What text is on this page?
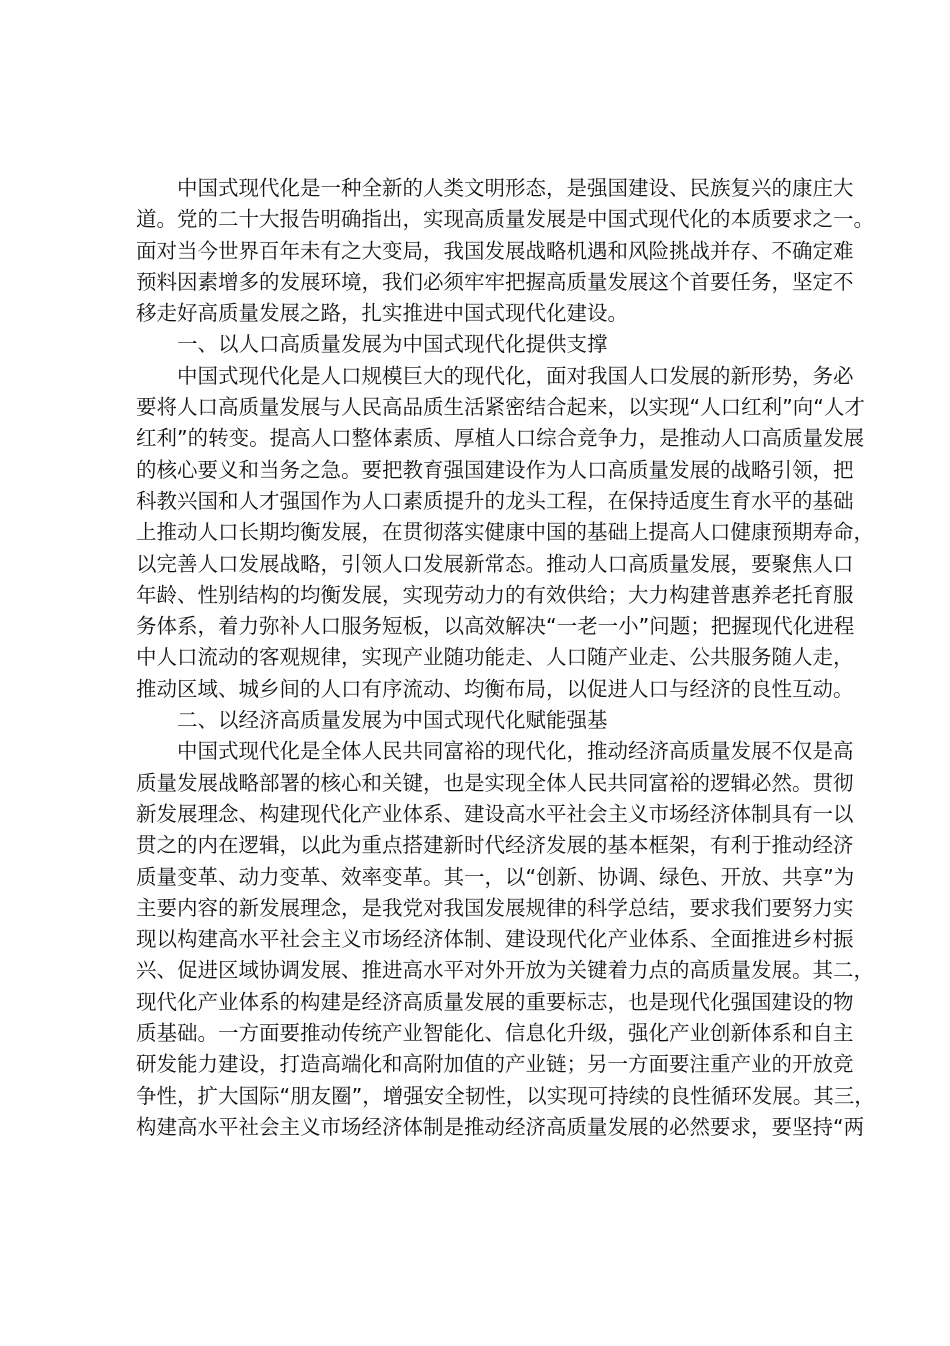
中国式现代化是一种全新的人类文明形态，是强国建设、民族复兴的康庄大
道。党的二十大报告明确指出，实现高质量发展是中国式现代化的本质要求之一。
面对当今世界百年未有之大变局，我国发展战略机遇和风险挑战并存、不确定难
预料因素增多的发展环境，我们必须牢牢把握高质量发展这个首要任务，坚定不
移走好高质量发展之路，扎实推进中国式现代化建设。
一、以人口高质量发展为中国式现代化提供支撑
中国式现代化是人口规模巨大的现代化，面对我国人口发展的新形势，务必
要将人口高质量发展与人民高品质生活紧密结合起来，以实现“人口红利”向“人才
红利”的转变。提高人口整体素质、厚植人口综合竞争力，是推动人口高质量发展
的核心要义和当务之急。要把教育强国建设作为人口高质量发展的战略引领，把
科教兴国和人才强国作为人口素质提升的龙头工程，在保持适度生育水平的基础
上推动人口长期均衡发展，在贯彻落实健康中国的基础上提高人口健康预期寿命，
以完善人口发展战略，引领人口发展新常态。推动人口高质量发展，要聚焦人口
年龄、性别结构的均衡发展，实现劳动力的有效供给；大力构建普惠养老托育服
务体系，着力弥补人口服务短板，以高效解决“一老一小”问题；把握现代化进程
中人口流动的客观规律，实现产业随功能走、人口随产业走、公共服务随人走，
推动区域、城乡间的人口有序流动、均衡布局，以促进人口与经济的良性互动。
二、以经济高质量发展为中国式现代化赋能强基
中国式现代化是全体人民共同富裕的现代化，推动经济高质量发展不仅是高
质量发展战略部署的核心和关键，也是实现全体人民共同富裕的逻辑必然。贯彻
新发展理念、构建现代化产业体系、建设高水平社会主义市场经济体制具有一以
贯之的内在逻辑，以此为重点搭建新时代经济发展的基本框架，有利于推动经济
质量变革、动力变革、效率变革。其一，以“创新、协调、绿色、开放、共享”为
主要内容的新发展理念，是我党对我国发展规律的科学总结，要求我们要努力实
现以构建高水平社会主义市场经济体制、建设现代化产业体系、全面推进乡村振
兴、促进区域协调发展、推进高水平对外开放为关键着力点的高质量发展。其二，
现代化产业体系的构建是经济高质量发展的重要标志，也是现代化强国建设的物
质基础。一方面要推动传统产业智能化、信息化升级，强化产业创新体系和自主
研发能力建设，打造高端化和高附加值的产业链；另一方面要注重产业的开放竞
争性，扩大国际“朋友圈”，增强安全韧性，以实现可持续的良性循环发展。其三，
构建高水平社会主义市场经济体制是推动经济高质量发展的必然要求，要坚持“两
